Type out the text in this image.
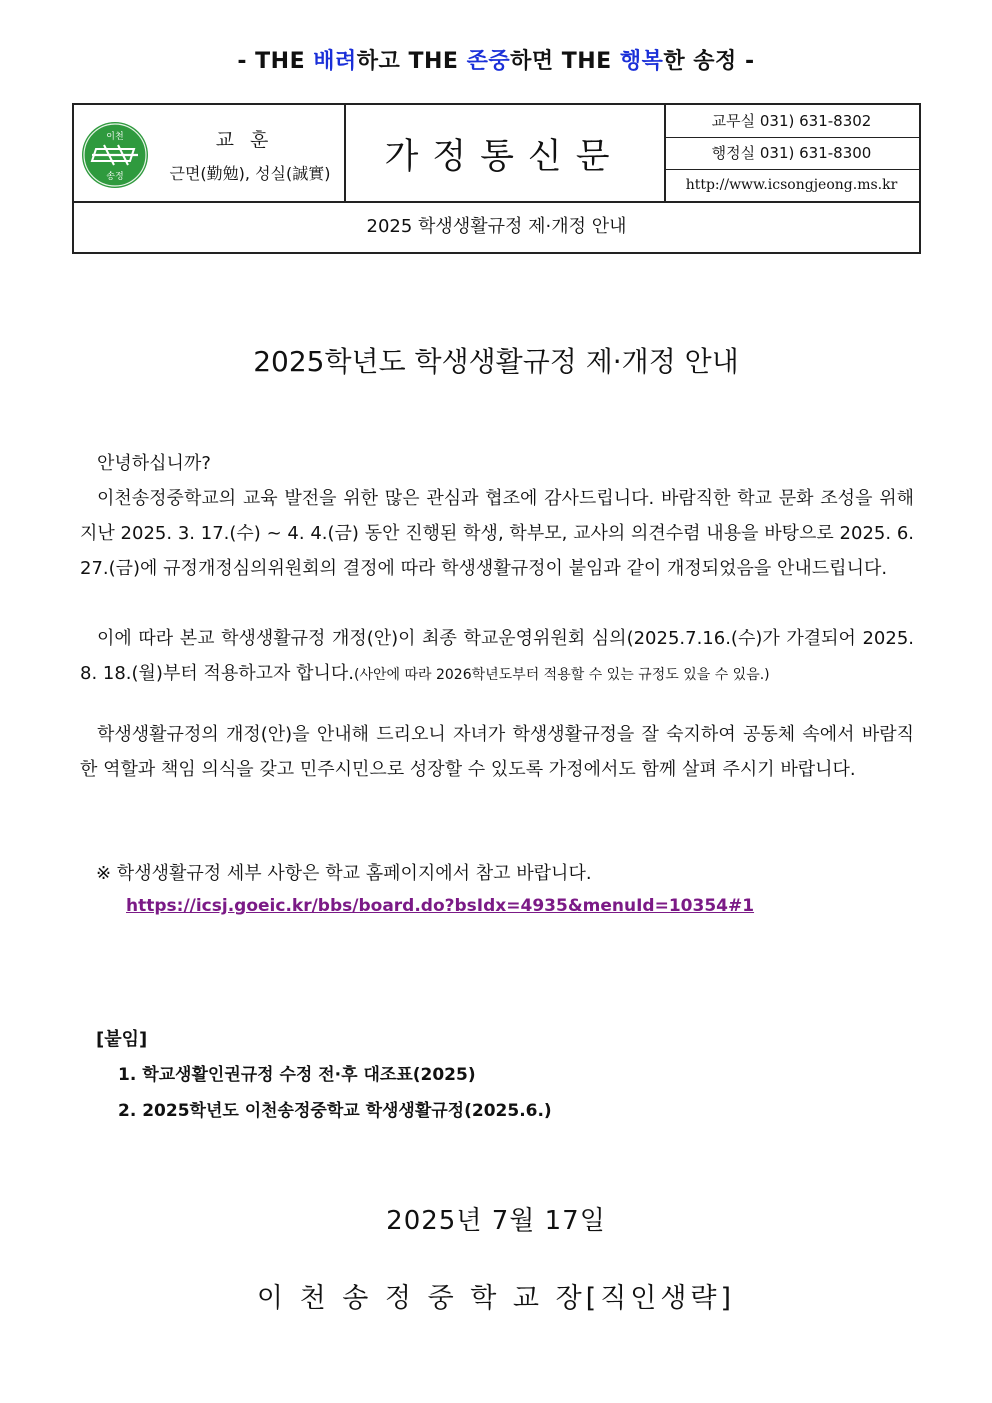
- THE 배려하고 THE 존중하면 THE 행복한 송정 -
이천
송정
교훈
근면(勤勉), 성실(誠實)	가정통신문
교무실 031) 631-8302
행정실 031) 631-8300
http://www.icsongjeong.ms.kr
2025 학생생활규정 제·개정 안내
2025학년도 학생생활규정 제·개정 안내
안녕하십니까?
이천송정중학교의 교육 발전을 위한 많은 관심과 협조에 감사드립니다. 바람직한 학교 문화 조성을 위해 지난 2025. 3. 17.(수) ~ 4. 4.(금) 동안 진행된 학생, 학부모, 교사의 의견수렴 내용을 바탕으로 2025. 6. 27.(금)에 규정개정심의위원회의 결정에 따라 학생생활규정이 붙임과 같이 개정되었음을 안내드립니다.
이에 따라 본교 학생생활규정 개정(안)이 최종 학교운영위원회 심의(2025.7.16.(수)가 가결되어 2025. 8. 18.(월)부터 적용하고자 합니다.(사안에 따라 2026학년도부터 적용할 수 있는 규정도 있을 수 있음.)
학생생활규정의 개정(안)을 안내해 드리오니 자녀가 학생생활규정을 잘 숙지하여 공동체 속에서 바람직한 역할과 책임 의식을 갖고 민주시민으로 성장할 수 있도록 가정에서도 함께 살펴 주시기 바랍니다.
※ 학생생활규정 세부 사항은 학교 홈페이지에서 참고 바랍니다.
https://icsj.goeic.kr/bbs/board.do?bsIdx=4935&menuId=10354#1
[붙임]
1. 학교생활인권규정 수정 전·후 대조표(2025)
2. 2025학년도 이천송정중학교 학생생활규정(2025.6.)
2025년 7월 17일
이 천 송 정 중 학 교 장[직인생략]
